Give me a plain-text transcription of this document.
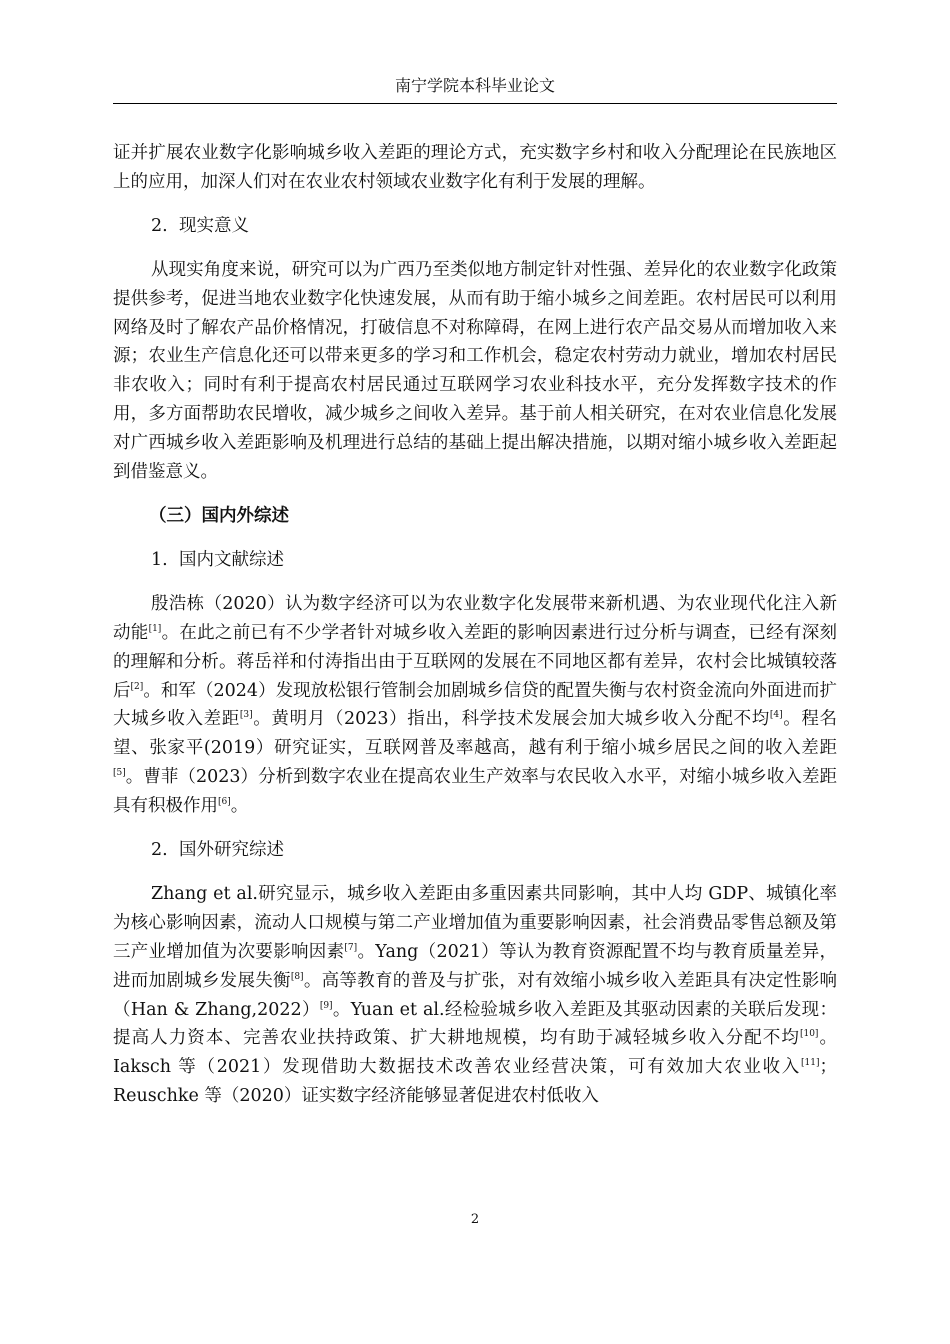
南宁学院本科毕业论文

证并扩展农业数字化影响城乡收入差距的理论方式，充实数字乡村和收入分配理论在民族地区上的应用，加深人们对在农业农村领域农业数字化有利于发展的理解。

2. 现实意义

从现实角度来说，研究可以为广西乃至类似地方制定针对性强、差异化的农业数字化政策提供参考，促进当地农业数字化快速发展，从而有助于缩小城乡之间差距。农村居民可以利用网络及时了解农产品价格情况，打破信息不对称障碍，在网上进行农产品交易从而增加收入来源；农业生产信息化还可以带来更多的学习和工作机会，稳定农村劳动力就业，增加农村居民非农收入；同时有利于提高农村居民通过互联网学习农业科技水平，充分发挥数字技术的作用，多方面帮助农民增收，减少城乡之间收入差异。基于前人相关研究，在对农业信息化发展对广西城乡收入差距影响及机理进行总结的基础上提出解决措施，以期对缩小城乡收入差距起到借鉴意义。

（三）国内外综述
1. 国内文献综述

殷浩栋（2020）认为数字经济可以为农业数字化发展带来新机遇、为农业现代化注入新动能[1]。在此之前已有不少学者针对城乡收入差距的影响因素进行过分析与调查，已经有深刻的理解和分析。蒋岳祥和付涛指出由于互联网的发展在不同地区都有差异，农村会比城镇较落后[2]。和军（2024）发现放松银行管制会加剧城乡信贷的配置失衡与农村资金流向外面进而扩大城乡收入差距[3]。黄明月（2023）指出，科学技术发展会加大城乡收入分配不均[4]。程名望、张家平(2019）研究证实，互联网普及率越高，越有利于缩小城乡居民之间的收入差距[5]。曹菲（2023）分析到数字农业在提高农业生产效率与农民收入水平，对缩小城乡收入差距具有积极作用[6]。

2. 国外研究综述

Zhang et al.研究显示，城乡收入差距由多重因素共同影响，其中人均 GDP、城镇化率为核心影响因素，流动人口规模与第二产业增加值为重要影响因素，社会消费品零售总额及第三产业增加值为次要影响因素[7]。Yang（2021）等认为教育资源配置不均与教育质量差异，进而加剧城乡发展失衡[8]。高等教育的普及与扩张，对有效缩小城乡收入差距具有决定性影响（Han & Zhang,2022）[9]。Yuan et al.经检验城乡收入差距及其驱动因素的关联后发现：提高人力资本、完善农业扶持政策、扩大耕地规模，均有助于减轻城乡收入分配不均[10]。Iaksch 等（2021）发现借助大数据技术改善农业经营决策，可有效加大农业收入[11]；Reuschke 等（2020）证实数字经济能够显著促进农村低收入

2
